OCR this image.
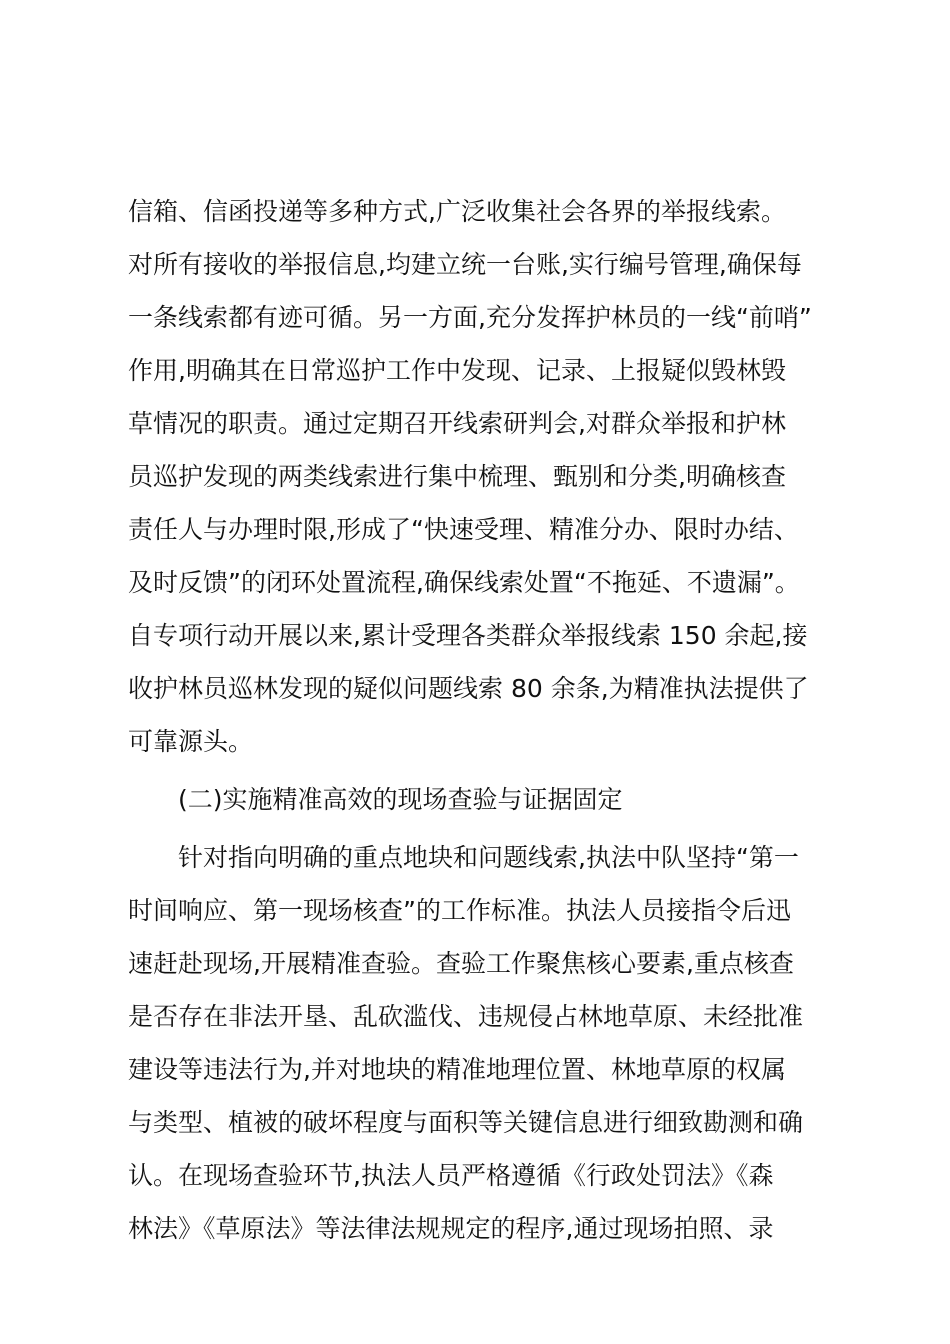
信箱、信函投递等多种方式,广泛收集社会各界的举报线索。
对所有接收的举报信息,均建立统一台账,实行编号管理,确保每
一条线索都有迹可循。另一方面,充分发挥护林员的一线“前哨”
作用,明确其在日常巡护工作中发现、记录、上报疑似毁林毁
草情况的职责。通过定期召开线索研判会,对群众举报和护林
员巡护发现的两类线索进行集中梳理、甄别和分类,明确核查
责任人与办理时限,形成了“快速受理、精准分办、限时办结、
及时反馈”的闭环处置流程,确保线索处置“不拖延、不遗漏”。
自专项行动开展以来,累计受理各类群众举报线索 150 余起,接
收护林员巡林发现的疑似问题线索 80 余条,为精准执法提供了
可靠源头。
(二)实施精准高效的现场查验与证据固定
针对指向明确的重点地块和问题线索,执法中队坚持“第一
时间响应、第一现场核查”的工作标准。执法人员接指令后迅
速赶赴现场,开展精准查验。查验工作聚焦核心要素,重点核查
是否存在非法开垦、乱砍滥伐、违规侵占林地草原、未经批准
建设等违法行为,并对地块的精准地理位置、林地草原的权属
与类型、植被的破坏程度与面积等关键信息进行细致勘测和确
认。在现场查验环节,执法人员严格遵循《行政处罚法》《森
林法》《草原法》等法律法规规定的程序,通过现场拍照、录
